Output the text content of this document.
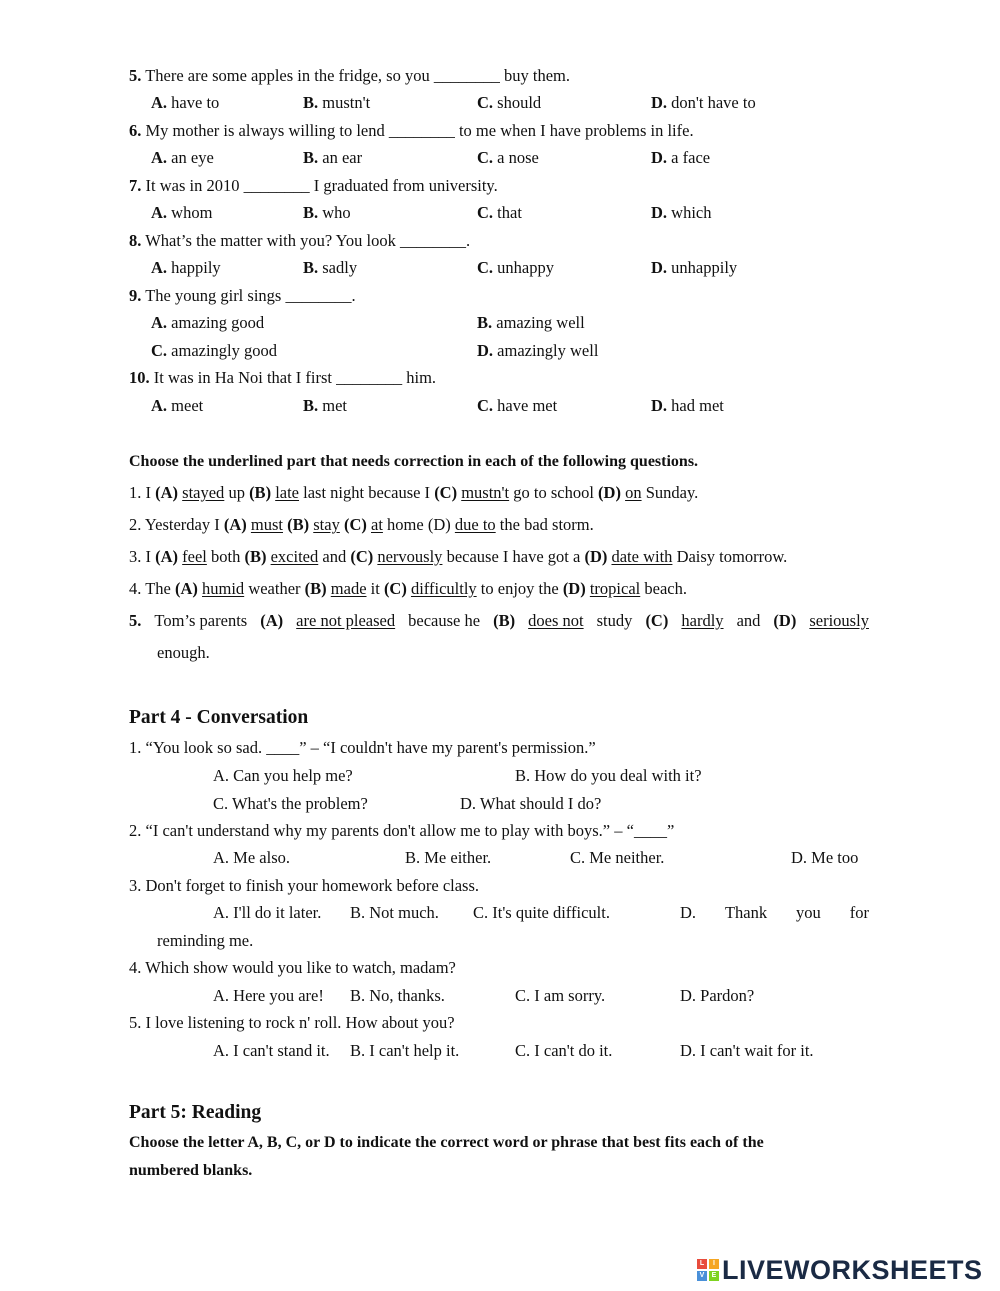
5. There are some apples in the fridge, so you ________ buy them.
A. have to	B. mustn't	C. should	D. don't have to
6. My mother is always willing to lend ________ to me when I have problems in life.
A. an eye	B. an ear	C. a nose	D. a face
7. It was in 2010 ________ I graduated from university.
A. whom	B. who	C. that	D. which
8. What’s the matter with you? You look ________.
A. happily	B. sadly	C. unhappy	D. unhappily
9. The young girl sings ________.
A. amazing good	B. amazing well
C. amazingly good	D. amazingly well
10. It was in Ha Noi that I first ________ him.
A. meet	B. met	C. have met	D. had met
Choose the underlined part that needs correction in each of the following questions.
1. I (A) stayed up (B) late last night because I (C) mustn't go to school (D) on Sunday.
2. Yesterday I (A) must (B) stay (C) at home (D) due to the bad storm.
3. I (A) feel both (B) excited and (C) nervously because I have got a (D) date with Daisy tomorrow.
4. The (A) humid weather (B) made it (C) difficultly to enjoy the (D) tropical beach.
5. Tom’s parents (A) are not pleased because he (B) does not study (C) hardly and (D) seriously
enough.
Part 4 - Conversation
1. “You look so sad. ____” – “I couldn't have my parent's permission.”
A. Can you help me?	B. How do you deal with it?
C. What's the problem?	D. What should I do?
2. “I can't understand why my parents don't allow me to play with boys.” – “____”
A. Me also.	B. Me either.	C. Me neither.	D. Me too
3. Don't forget to finish your homework before class.
A. I'll do it later. B. Not much. C. It's quite difficult.	D. Thank you for
reminding me.
4. Which show would you like to watch, madam?
A. Here you are! B. No, thanks.	C. I am sorry.	D. Pardon?
5. I love listening to rock n' roll. How about you?
A. I can't stand it. B. I can't help it.	C. I can't do it.	D. I can't wait for it.
Part 5: Reading
Choose the letter A, B, C, or D to indicate the correct word or phrase that best fits each of the
numbered blanks.
L	I
V	E LIVEWORKSHEETS
